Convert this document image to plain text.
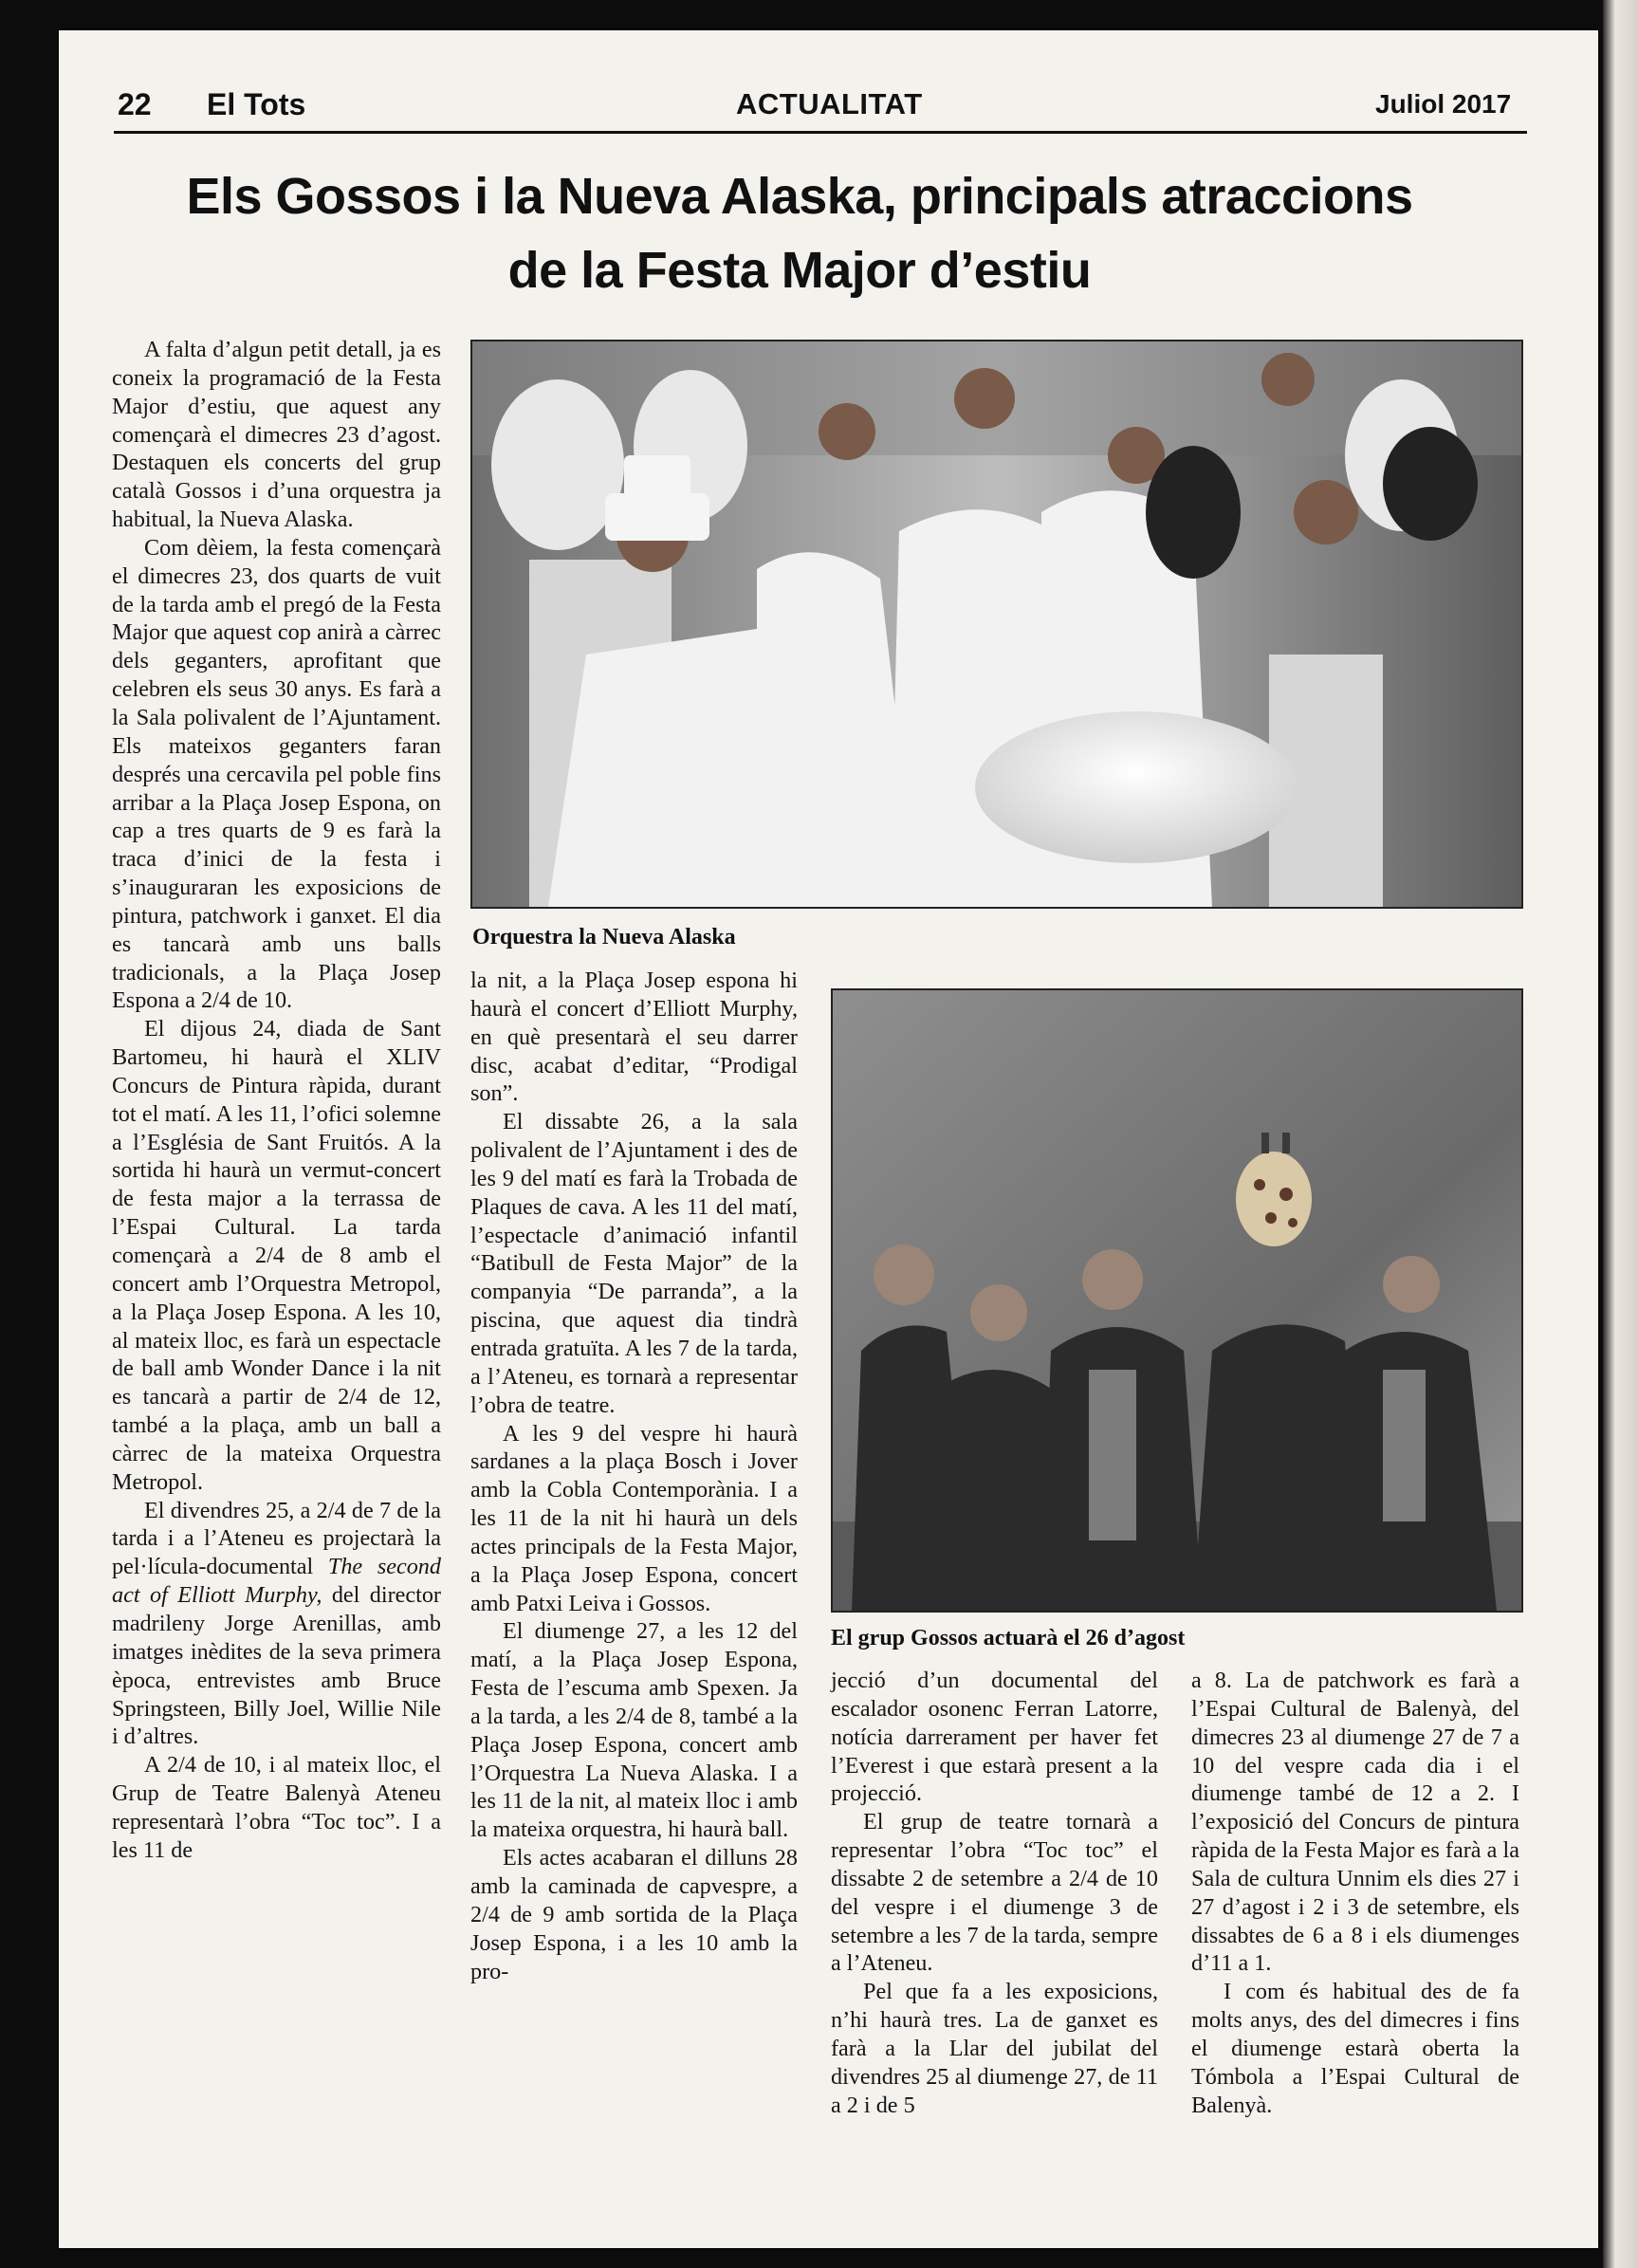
22 El Tots	ACTUALITAT	Juliol 2017
Els Gossos i la Nueva Alaska, principals atraccions
de la Festa Major d’estiu

A falta d’algun petit detall, ja es coneix la programació de la Festa Major d’estiu, que aquest any començarà el dimecres 23 d’agost. Destaquen els concerts del grup català Gossos i d’una orquestra ja habitual, la Nueva Alaska.

Com dèiem, la festa començarà el dimecres 23, dos quarts de vuit de la tarda amb el pregó de la Festa Major que aquest cop anirà a càrrec dels geganters, aprofitant que celebren els seus 30 anys. Es farà a la Sala polivalent de l’Ajuntament. Els mateixos geganters faran després una cercavila pel poble fins arribar a la Plaça Josep Espona, on cap a tres quarts de 9 es farà la traca d’inici de la festa i s’inauguraran les exposicions de pintura, patchwork i ganxet. El dia es tancarà amb uns balls tradicionals, a la Plaça Josep Espona a 2/4 de 10.

El dijous 24, diada de Sant Bartomeu, hi haurà el XLIV Concurs de Pintura ràpida, durant tot el matí. A les 11, l’ofici solemne a l’Església de Sant Fruitós. A la sortida hi haurà un vermut-concert de festa major a la terrassa de l’Espai Cultural. La tarda començarà a 2/4 de 8 amb el concert amb l’Orquestra Metropol, a la Plaça Josep Espona. A les 10, al mateix lloc, es farà un espectacle de ball amb Wonder Dance i la nit es tancarà a partir de 2/4 de 12, també a la plaça, amb un ball a càrrec de la mateixa Orquestra Metropol.

El divendres 25, a 2/4 de 7 de la tarda i a l’Ateneu es projectarà la pel·lícula-documental The second act of Elliott Murphy, del director madrileny Jorge Arenillas, amb imatges inèdites de la seva primera època, entrevistes amb Bruce Springsteen, Billy Joel, Willie Nile i d’altres.

A 2/4 de 10, i al mateix lloc, el Grup de Teatre Balenyà Ateneu representarà l’obra “Toc toc”. I a les 11 de

Orquestra la Nueva Alaska

la nit, a la Plaça Josep espona hi haurà el concert d’Elliott Murphy, en què presentarà el seu darrer disc, acabat d’editar, “Prodigal son”.

El dissabte 26, a la sala polivalent de l’Ajuntament i des de les 9 del matí es farà la Trobada de Plaques de cava. A les 11 del matí, l’espectacle d’animació infantil “Batibull de Festa Major” de la companyia “De parranda”, a la piscina, que aquest dia tindrà entrada gratuïta. A les 7 de la tarda, a l’Ateneu, es tornarà a representar l’obra de teatre.

A les 9 del vespre hi haurà sardanes a la plaça Bosch i Jover amb la Cobla Contemporània. I a les 11 de la nit hi haurà un dels actes principals de la Festa Major, a la Plaça Josep Espona, concert amb Patxi Leiva i Gossos.

El diumenge 27, a les 12 del matí, a la Plaça Josep Espona, Festa de l’escuma amb Spexen. Ja a la tarda, a les 2/4 de 8, també a la Plaça Josep Espona, concert amb l’Orquestra La Nueva Alaska. I a les 11 de la nit, al mateix lloc i amb la mateixa orquestra, hi haurà ball.

Els actes acabaran el dilluns 28 amb la caminada de capvespre, a 2/4 de 9 amb sortida de la Plaça Josep Espona, i a les 10 amb la pro-

El grup Gossos actuarà el 26 d’agost

jecció d’un documental del escalador osonenc Ferran Latorre, notícia darrerament per haver fet l’Everest i que estarà present a la projecció.

El grup de teatre tornarà a representar l’obra “Toc toc” el dissabte 2 de setembre a 2/4 de 10 del vespre i el diumenge 3 de setembre a les 7 de la tarda, sempre a l’Ateneu.

Pel que fa a les exposicions, n’hi haurà tres. La de ganxet es farà a la Llar del jubilat del divendres 25 al diumenge 27, de 11 a 2 i de 5

a 8. La de patchwork es farà a l’Espai Cultural de Balenyà, del dimecres 23 al diumenge 27 de 7 a 10 del vespre cada dia i el diumenge també de 12 a 2. I l’exposició del Concurs de pintura ràpida de la Festa Major es farà a la Sala de cultura Unnim els dies 27 i 27 d’agost i 2 i 3 de setembre, els dissabtes de 6 a 8 i els diumenges d’11 a 1.

I com és habitual des de fa molts anys, des del dimecres i fins el diumenge estarà oberta la Tómbola a l’Espai Cultural de Balenyà.
